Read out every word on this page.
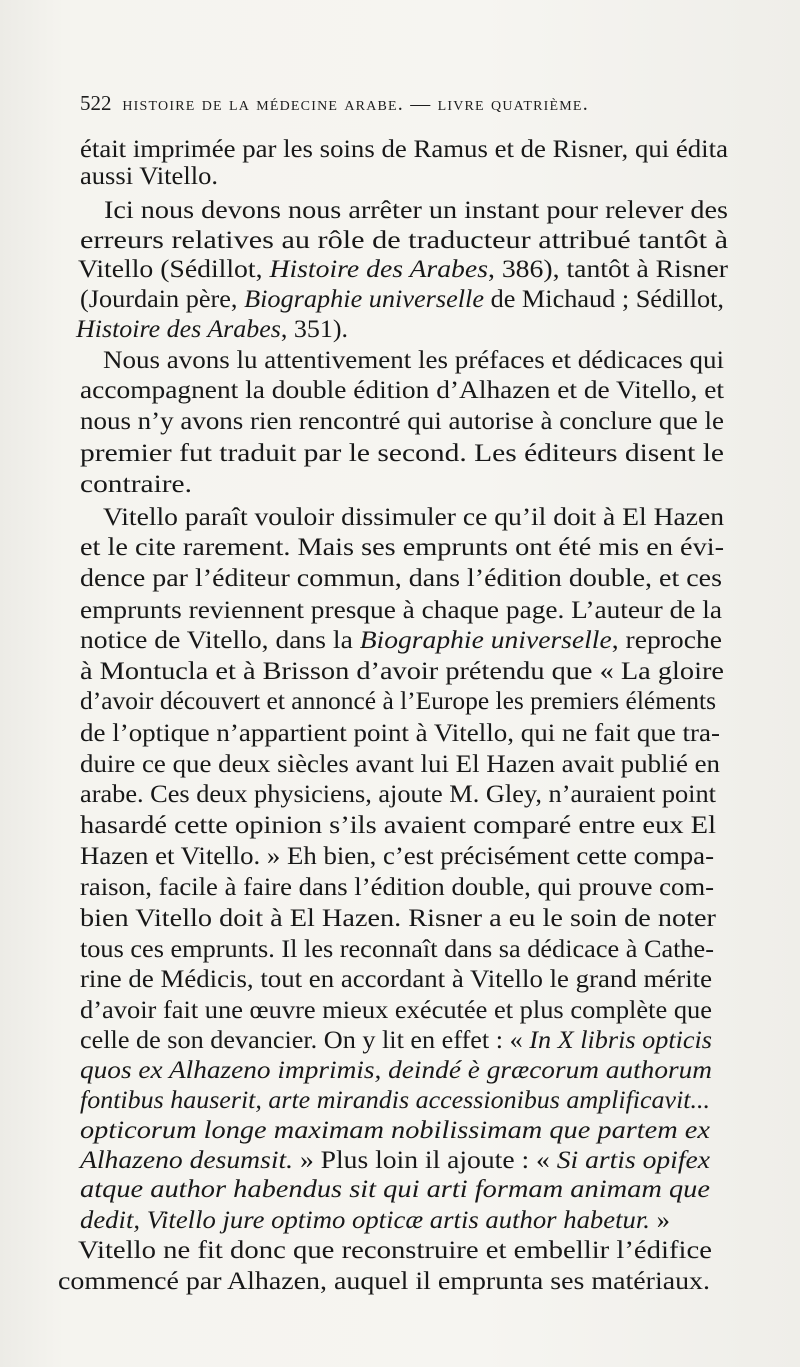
522 histoire de la médecine arabe. — livre quatrième.
était imprimée par les soins de Ramus et de Risner, qui édita
aussi Vitello.
Ici nous devons nous arrêter un instant pour relever des
erreurs relatives au rôle de traducteur attribué tantôt à
Vitello (Sédillot, Histoire des Arabes, 386), tantôt à Risner
(Jourdain père, Biographie universelle de Michaud ; Sédillot,
Histoire des Arabes, 351).
Nous avons lu attentivement les préfaces et dédicaces qui
accompagnent la double édition d’Alhazen et de Vitello, et
nous n’y avons rien rencontré qui autorise à conclure que le
premier fut traduit par le second. Les éditeurs disent le
contraire.
Vitello paraît vouloir dissimuler ce qu’il doit à El Hazen
et le cite rarement. Mais ses emprunts ont été mis en évi-
dence par l’éditeur commun, dans l’édition double, et ces
emprunts reviennent presque à chaque page. L’auteur de la
notice de Vitello, dans la Biographie universelle, reproche
à Montucla et à Brisson d’avoir prétendu que « La gloire
d’avoir découvert et annoncé à l’Europe les premiers éléments
de l’optique n’appartient point à Vitello, qui ne fait que tra-
duire ce que deux siècles avant lui El Hazen avait publié en
arabe. Ces deux physiciens, ajoute M. Gley, n’auraient point
hasardé cette opinion s’ils avaient comparé entre eux El
Hazen et Vitello. » Eh bien, c’est précisément cette compa-
raison, facile à faire dans l’édition double, qui prouve com-
bien Vitello doit à El Hazen. Risner a eu le soin de noter
tous ces emprunts. Il les reconnaît dans sa dédicace à Cathe-
rine de Médicis, tout en accordant à Vitello le grand mérite
d’avoir fait une œuvre mieux exécutée et plus complète que
celle de son devancier. On y lit en effet : « In X libris opticis
quos ex Alhazeno imprimis, deindé è græcorum authorum
fontibus hauserit, arte mirandis accessionibus amplificavit...
opticorum longe maximam nobilissimam que partem ex
Alhazeno desumsit. » Plus loin il ajoute : « Si artis opifex
atque author habendus sit qui arti formam animam que
dedit, Vitello jure optimo opticæ artis author habetur. »
Vitello ne fit donc que reconstruire et embellir l’édifice
commencé par Alhazen, auquel il emprunta ses matériaux.
